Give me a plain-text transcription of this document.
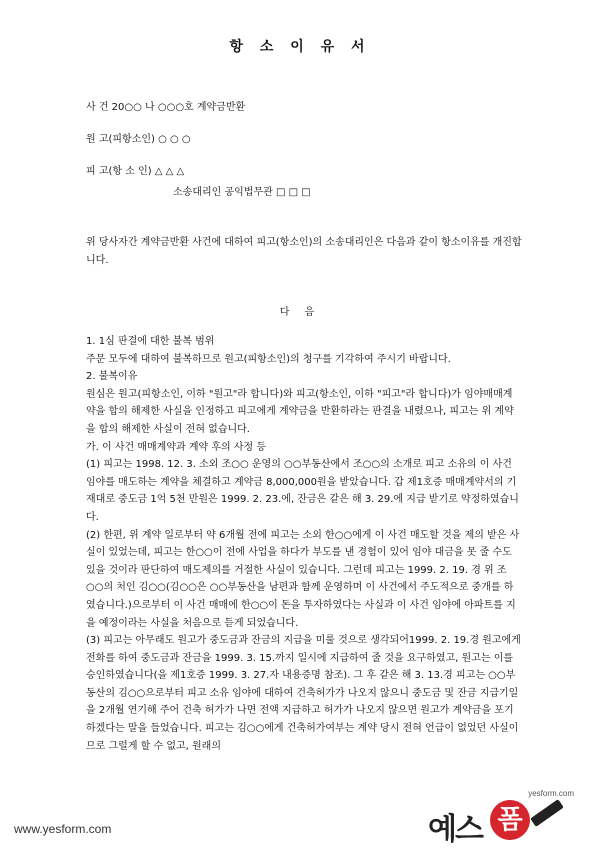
항 소 이 유 서
사 건 20○○ 나 ○○○호 계약금반환
원 고(피항소인) ○ ○ ○
피 고(항 소 인) △ △ △
소송대리인 공익법무관 □ □ □
위 당사자간 계약금반환 사건에 대하여 피고(항소인)의 소송대리인은 다음과 같이 항소이유를 개진합니다.
다 음

1. 1심 판결에 대한 불복 범위

주문 모두에 대하여 불복하므로 원고(피항소인)의 청구를 기각하여 주시기 바랍니다.

2. 불복이유

원심은 원고(피항소인, 이하 "원고"라 합니다)와 피고(항소인, 이하 "피고"라 합니다)가 임야매매계약을 합의 해제한 사실을 인정하고 피고에게 계약금을 반환하라는 판결을 내렸으나, 피고는 위 계약을 합의 해제한 사실이 전혀 없습니다.

가. 이 사건 매매계약과 계약 후의 사정 등

(1) 피고는 1998. 12. 3. 소외 조○○ 운영의 ○○부동산에서 조○○의 소개로 피고 소유의 이 사건 임야를 매도하는 계약을 체결하고 계약금 8,000,000원을 받았습니다. 갑 제1호증 매매계약서의 기재대로 중도금 1억 5천 만원은 1999. 2. 23.에, 잔금은 같은 해 3. 29.에 지급 받기로 약정하였습니다.

(2) 한편, 위 계약 일로부터 약 6개월 전에 피고는 소외 한○○에게 이 사건 매도할 것을 제의 받은 사실이 있었는데, 피고는 한○○이 전에 사업을 하다가 부도를 낸 경험이 있어 임야 대금을 못 줄 수도 있을 것이라 판단하여 매도제의를 거절한 사실이 있습니다. 그런데 피고는 1999. 2. 19. 경 위 조○○의 처인 김○○(김○○은 ○○부동산을 남편과 함께 운영하며 이 사건에서 주도적으로 중개를 하였습니다.)으로부터 이 사건 매매에 한○○이 돈을 투자하였다는 사실과 이 사건 임야에 아파트를 지을 예정이라는 사실을 처음으로 듣게 되었습니다.

(3) 피고는 아무래도 원고가 중도금과 잔금의 지급을 미룰 것으로 생각되어1999. 2. 19.경 원고에게 전화를 하여 중도금과 잔금을 1999. 3. 15.까지 일시에 지급하여 줄 것을 요구하였고, 원고는 이를 승인하였습니다(을 제1호증 1999. 3. 27.자 내용증명 참조). 그 후 같은 해 3. 13.경 피고는 ○○부동산의 김○○으로부터 피고 소유 임야에 대하여 건축허가가 나오지 않으니 중도금 및 잔금 지급기일을 2개월 연기해 주어 건축 허가가 나면 전액 지급하고 허가가 나오지 않으면 원고가 계약금을 포기하겠다는 말을 들었습니다. 피고는 김○○에게 건축허가여부는 계약 당시 전혀 언급이 없었던 사실이므로 그럴게 할 수 없고, 원래의

www.yesform.com
yesform.com
예스 폼
